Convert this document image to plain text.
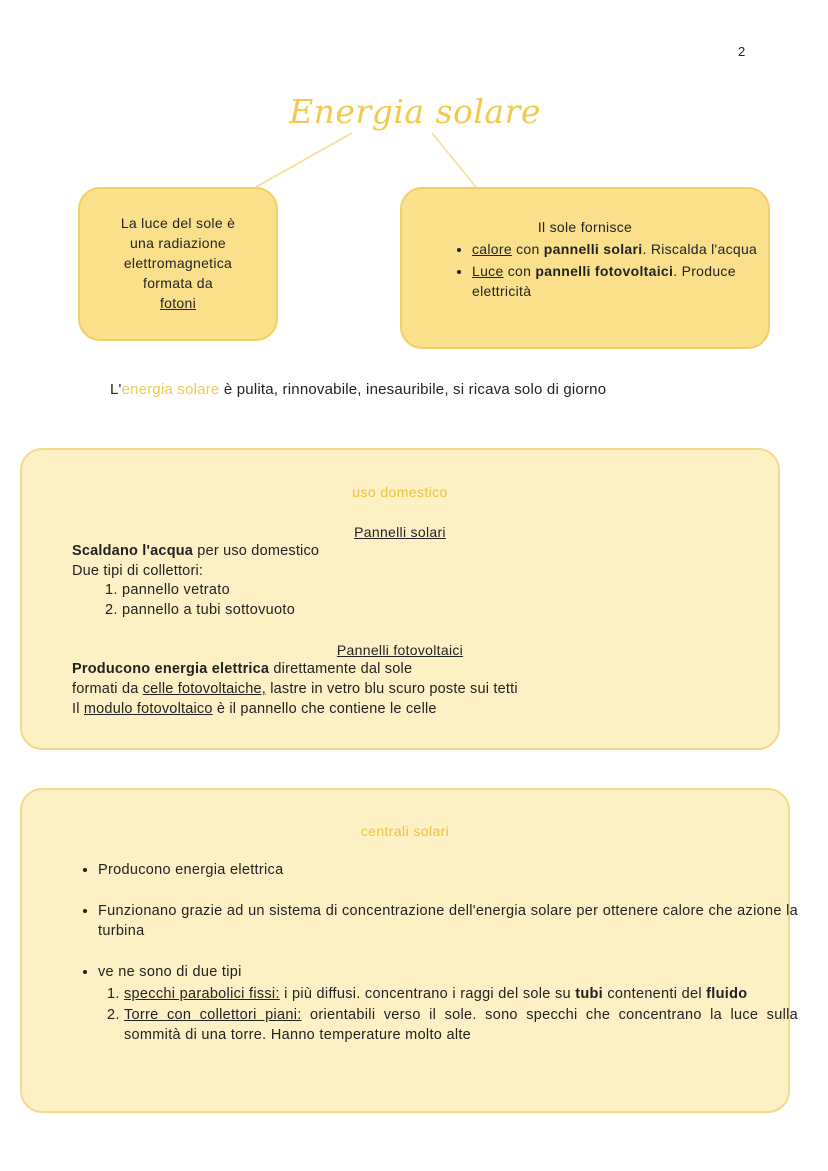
2
Energia solare
La luce del sole è
una radiazione
elettromagnetica
formata da
fotoni
Il sole fornisce
• calore con pannelli solari. Riscalda l'acqua
• Luce con pannelli fotovoltaici. Produce elettricità
L'energia solare è pulita, rinnovabile, inesauribile, si ricava solo di giorno
uso domestico
Pannelli solari
Scaldano l'acqua per uso domestico
Due tipi di collettori:
1. pannello vetrato
2. pannello a tubi sottovuoto
Pannelli fotovoltaici
Producono energia elettrica direttamente dal sole
formati da celle fotovoltaiche, lastre in vetro blu scuro poste sui tetti
Il modulo fotovoltaico è il pannello che contiene le celle
centrali solari
• Producono energia elettrica
• Funzionano grazie ad un sistema di concentrazione dell'energia solare per ottenere calore che azione la turbina
• ve ne sono di due tipi
1. specchi parabolici fissi: i più diffusi. concentrano i raggi del sole su tubi contenenti del fluido
2. Torre con collettori piani: orientabili verso il sole. sono specchi che concentrano la luce sulla sommità di una torre. Hanno temperature molto alte
